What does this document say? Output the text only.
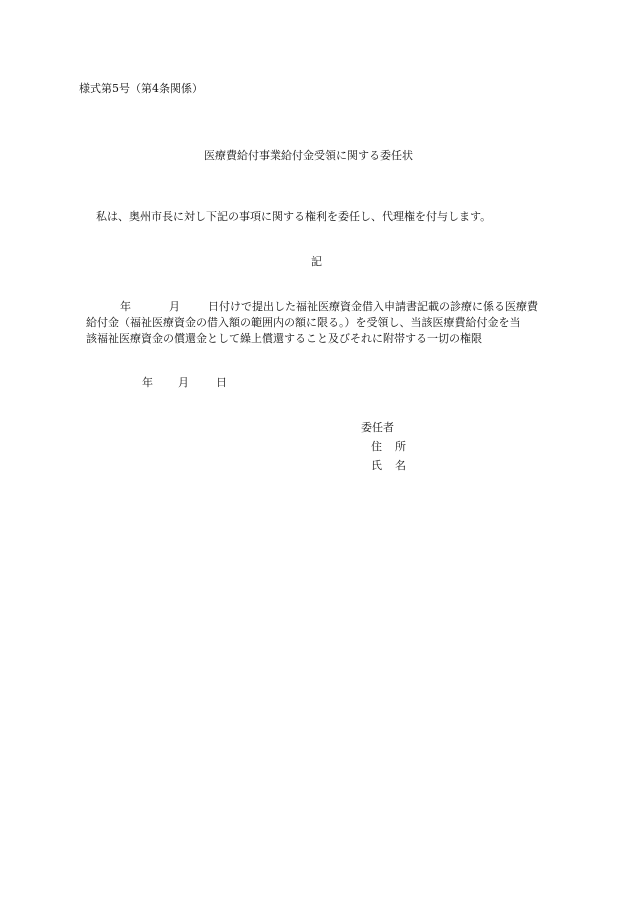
様式第5号（第4条関係）
医療費給付事業給付金受領に関する委任状
私は、奥州市長に対し下記の事項に関する権利を委任し、代理権を付与します。
記
年	月	日付けで提出した福祉医療資金借入申請書記載の診療に係る医療費
給付金（福祉医療資金の借入額の範囲内の額に限る。）を受領し、当該医療費給付金を当
該福祉医療資金の償還金として繰上償還すること及びそれに附帯する一切の権限
年 月 日
委任者
住 所
氏 名
